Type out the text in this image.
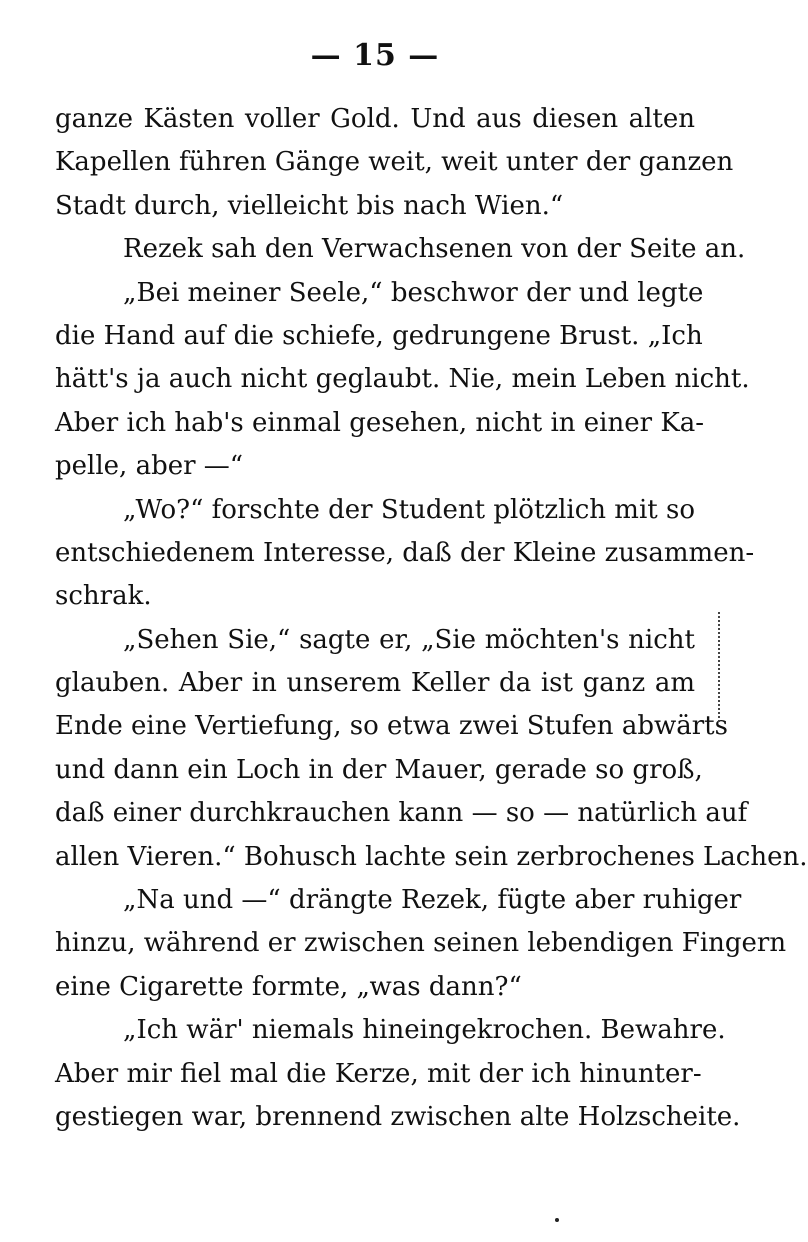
— 15 —
ganze Kästen voller Gold. Und aus diesen alten
Kapellen führen Gänge weit, weit unter der ganzen
Stadt durch, vielleicht bis nach Wien.“
Rezek sah den Verwachsenen von der Seite an.
„Bei meiner Seele,“ beschwor der und legte
die Hand auf die schiefe, gedrungene Brust. „Ich
hätt's ja auch nicht geglaubt. Nie, mein Leben nicht.
Aber ich hab's einmal gesehen, nicht in einer Ka-
pelle, aber —“
„Wo?“ forschte der Student plötzlich mit so
entschiedenem Interesse, daß der Kleine zusammen-
schrak.
„Sehen Sie,“ sagte er, „Sie möchten's nicht
glauben. Aber in unserem Keller da ist ganz am
Ende eine Vertiefung, so etwa zwei Stufen abwärts
und dann ein Loch in der Mauer, gerade so groß,
daß einer durchkrauchen kann — so — natürlich auf
allen Vieren.“ Bohusch lachte sein zerbrochenes Lachen.
„Na und —“ drängte Rezek, fügte aber ruhiger
hinzu, während er zwischen seinen lebendigen Fingern
eine Cigarette formte, „was dann?“
„Ich wär' niemals hineingekrochen. Bewahre.
Aber mir fiel mal die Kerze, mit der ich hinunter-
gestiegen war, brennend zwischen alte Holzscheite.
